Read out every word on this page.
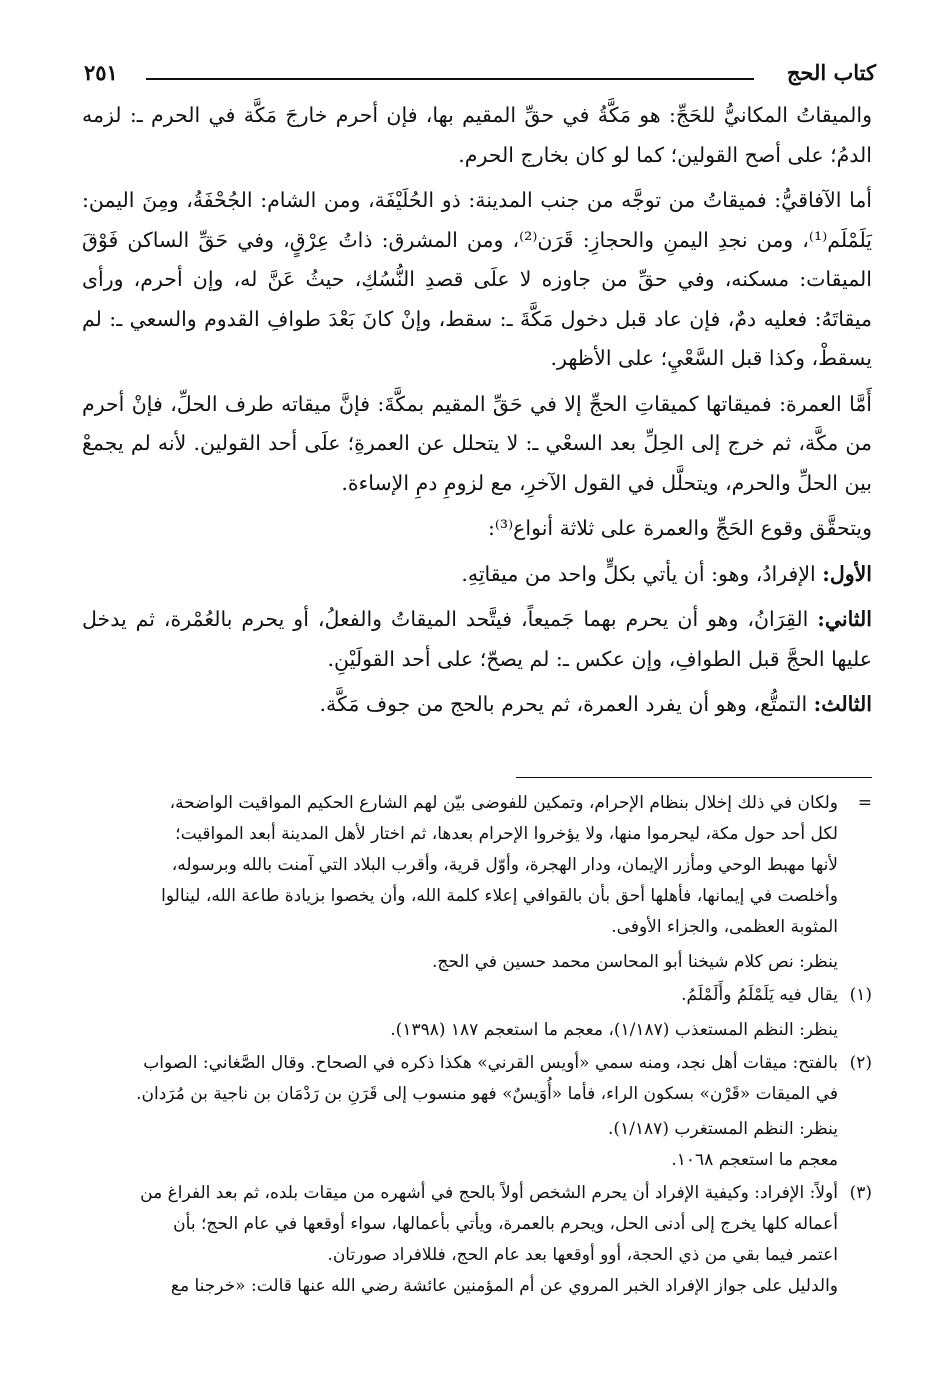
كتاب الحج
٢٥١

والميقاتُ المكانيُّ للحَجِّ: هو مَكَّةُ في حقِّ المقيم بها، فإن أحرم خارجَ مَكَّة في الحرم ـ: لزمه الدمُ؛ على أصح القولين؛ كما لو كان بخارج الحرم.

أما الآفاقيُّ: فميقاتُ من توجَّه من جنب المدينة: ذو الحُلَيْفَة، ومن الشام: الجُحْفَةُ، ومِنَ اليمن: يَلَمْلَم⁽¹⁾، ومن نجدِ اليمنِ والحجازِ: قَرَن⁽²⁾، ومن المشرق: ذاتُ عِرْقٍ، وفي حَقِّ الساكن فَوْقَ الميقات: مسكنه، وفي حقِّ من جاوزه لا علَى قصدِ النُّسُكِ، حيثُ عَنَّ له، وإن أحرم، ورأى ميقاتَهُ: فعليه دمٌ، فإن عاد قبل دخول مَكَّةَ ـ: سقط، وإنْ كانَ بَعْدَ طوافِ القدوم والسعي ـ: لم يسقطْ، وكذا قبل السَّعْيِ؛ على الأظهر.

أَمَّا العمرة: فميقاتها كميقاتِ الحجِّ إلا في حَقِّ المقيم بمكَّةَ: فإنَّ ميقاته طرف الحلِّ، فإنْ أحرم من مكَّة، ثم خرج إلى الحِلِّ بعد السعْي ـ: لا يتحلل عن العمرةِ؛ علَى أحد القولين. لأنه لم يجمعْ بين الحلِّ والحرم، ويتحلَّل في القول الآخرِ، مع لزومِ دمِ الإساءة.

ويتحقَّق وقوع الحَجِّ والعمرة على ثلاثة أنواع⁽³⁾:

الأول: الإفرادُ، وهو: أن يأتي بكلٍّ واحد من ميقاتِهِ.

الثاني: القِرَانُ، وهو أن يحرم بهما جَميعاً، فيتَّحد الميقاتُ والفعلُ، أو يحرم بالعُمْرة، ثم يدخل عليها الحجَّ قبل الطوافِ، وإن عكس ـ: لم يصحّ؛ على أحد القولَيْنِ.

الثالث: التمتُّع، وهو أن يفرد العمرة، ثم يحرم بالحج من جوف مَكَّة.

=
ولكان في ذلك إخلال بنظام الإحرام، وتمكين للفوضى بيّن لهم الشارع الحكيم المواقيت الواضحة،
لكل أحد حول مكة، ليحرموا منها، ولا يؤخروا الإحرام بعدها، ثم اختار لأهل المدينة أبعد المواقيت؛
لأنها مهبط الوحي ومأزر الإيمان، ودار الهجرة، وأوّل قرية، وأقرب البلاد التي آمنت بالله وبرسوله،
وأخلصت في إيمانها، فأهلها أحق بأن بالقوافي إعلاء كلمة الله، وأن يخصوا بزيادة طاعة الله، لينالوا
المثوبة العظمى، والجزاء الأوفى.
ينظر: نص كلام شيخنا أبو المحاسن محمد حسين في الحج.
(١)
يقال فيه يَلَمْلَمُ وأَلَمْلَمُ.
ينظر: النظم المستعذب (١/١٨٧)، معجم ما استعجم ١٨٧ (١٣٩٨).
(٢)
بالفتح: ميقات أهل نجد، ومنه سمي «أويس القرني» هكذا ذكره في الصحاح. وقال الصَّغاني: الصواب
في الميقات «قَرْن» بسكون الراء، فأما «أُوَيسٌ» فهو منسوب إلى قَرَنِ بن رَدْمَان بن ناجية بن مُرَدان.
ينظر: النظم المستغرب (١/١٨٧).
معجم ما استعجم ١٠٦٨.
(٣)
أولاً: الإفراد: وكيفية الإفراد أن يحرم الشخص أولاً بالحج في أشهره من ميقات بلده، ثم بعد الفراغ من
أعماله كلها يخرج إلى أدنى الحل، ويحرم بالعمرة، ويأتي بأعمالها، سواء أوقعها في عام الحج؛ بأن
اعتمر فيما بقي من ذي الحجة، أوو أوقعها بعد عام الحج، فللافراد صورتان.
والدليل على جواز الإفراد الخبر المروي عن أم المؤمنين عائشة رضي الله عنها قالت: «خرجنا مع
